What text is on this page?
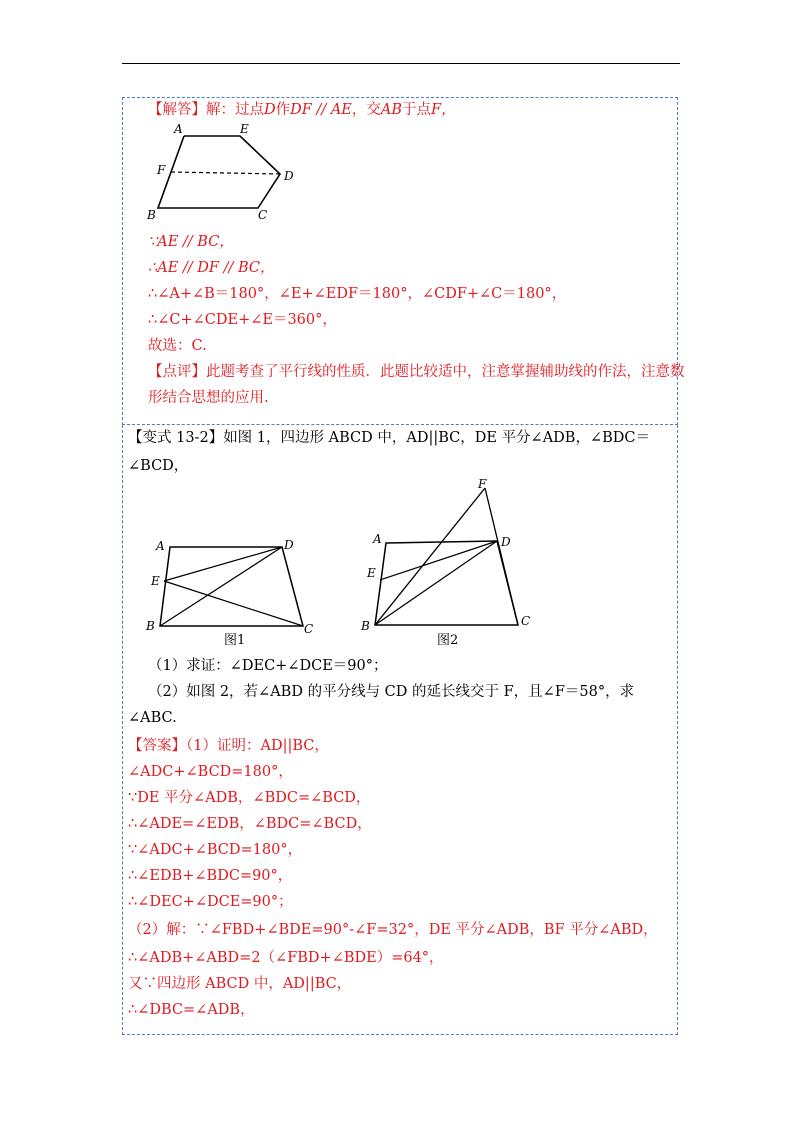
【解答】解：过点D作DF // AE，交AB于点F，
A	E
F	D
B	C
∵AE // BC，
∴AE // DF // BC，
∴∠A+∠B＝180°，∠E+∠EDF＝180°，∠CDF+∠C＝180°，
∴∠C+∠CDE+∠E＝360°，
故选：C.
【点评】此题考查了平行线的性质．此题比较适中，注意掌握辅助线的作法，注意数
形结合思想的应用.
【变式 13-2】如图 1，四边形 ABCD 中，AD||BC，DE 平分∠ADB，∠BDC＝
∠BCD，
A	D
E
B	C
图1
F
A	D
E
B	C
图2
（1）求证：∠DEC+∠DCE＝90°；
（2）如图 2，若∠ABD 的平分线与 CD 的延长线交于 F，且∠F＝58°，求
∠ABC.
【答案】（1）证明：AD||BC，
∠ADC+∠BCD=180°，
∵DE 平分∠ADB，∠BDC=∠BCD，
∴∠ADE=∠EDB，∠BDC=∠BCD，
∵∠ADC+∠BCD=180°，
∴∠EDB+∠BDC=90°，
∴∠DEC+∠DCE=90°；
（2）解：∵∠FBD+∠BDE=90°-∠F=32°，DE 平分∠ADB，BF 平分∠ABD，
∴∠ADB+∠ABD=2（∠FBD+∠BDE）=64°，
又∵四边形 ABCD 中，AD||BC，
∴∠DBC=∠ADB，
